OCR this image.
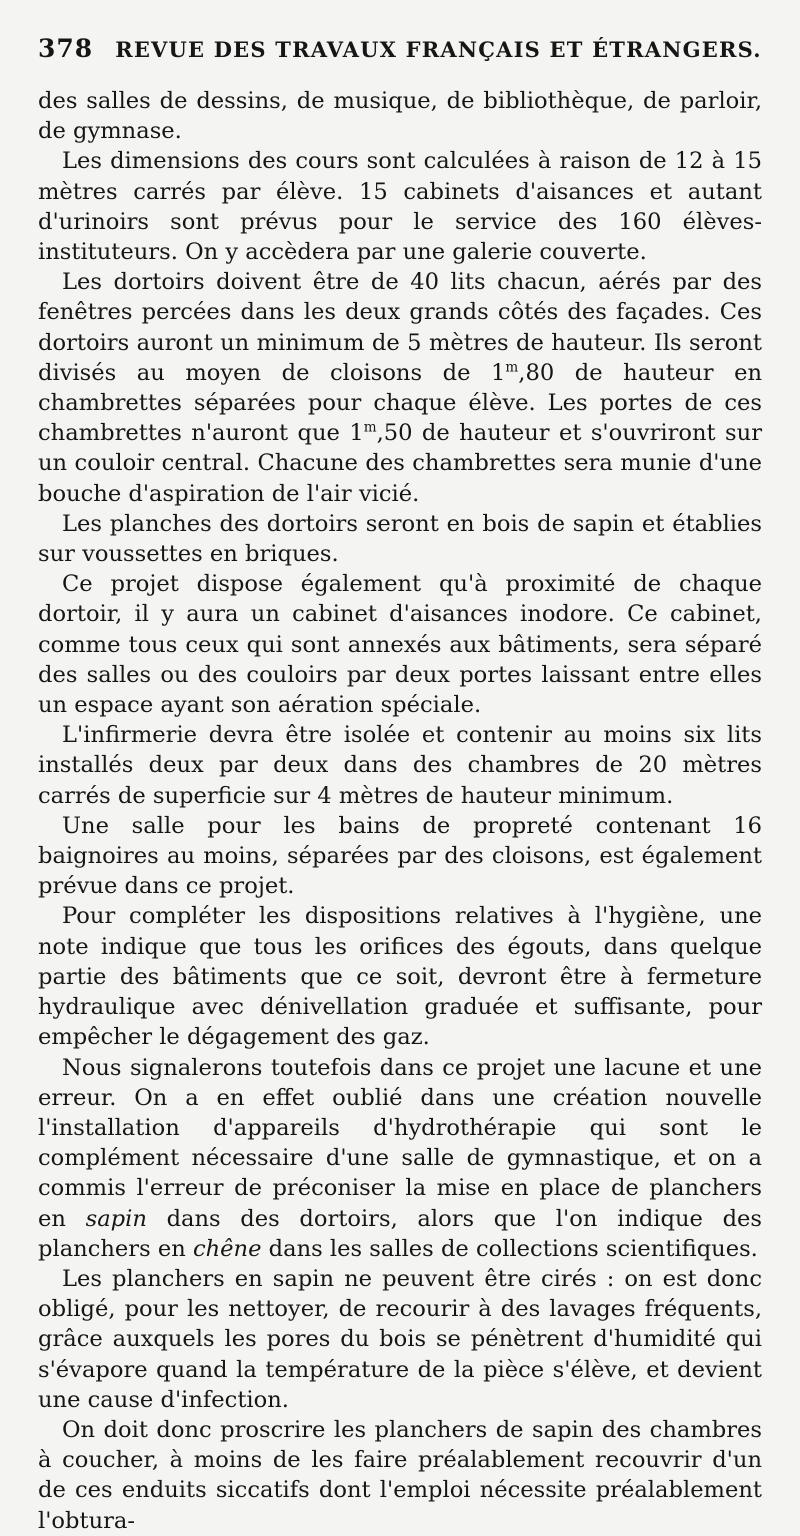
378 REVUE DES TRAVAUX FRANÇAIS ET ÉTRANGERS.

des salles de dessins, de musique, de bibliothèque, de parloir, de gymnase.

Les dimensions des cours sont calculées à raison de 12 à 15 mètres carrés par élève. 15 cabinets d'aisances et autant d'urinoirs sont prévus pour le service des 160 élèves-instituteurs. On y accèdera par une galerie couverte.

Les dortoirs doivent être de 40 lits chacun, aérés par des fenêtres percées dans les deux grands côtés des façades. Ces dortoirs auront un minimum de 5 mètres de hauteur. Ils seront divisés au moyen de cloisons de 1$^m$,80 de hauteur en chambrettes séparées pour chaque élève. Les portes de ces chambrettes n'auront que 1$^m$,50 de hauteur et s'ouvriront sur un couloir central. Chacune des chambrettes sera munie d'une bouche d'aspiration de l'air vicié.

Les planches des dortoirs seront en bois de sapin et établies sur voussettes en briques.

Ce projet dispose également qu'à proximité de chaque dortoir, il y aura un cabinet d'aisances inodore. Ce cabinet, comme tous ceux qui sont annexés aux bâtiments, sera séparé des salles ou des couloirs par deux portes laissant entre elles un espace ayant son aération spéciale.

L'infirmerie devra être isolée et contenir au moins six lits installés deux par deux dans des chambres de 20 mètres carrés de superficie sur 4 mètres de hauteur minimum.

Une salle pour les bains de propreté contenant 16 baignoires au moins, séparées par des cloisons, est également prévue dans ce projet.

Pour compléter les dispositions relatives à l'hygiène, une note indique que tous les orifices des égouts, dans quelque partie des bâtiments que ce soit, devront être à fermeture hydraulique avec dénivellation graduée et suffisante, pour empêcher le dégagement des gaz.

Nous signalerons toutefois dans ce projet une lacune et une erreur. On a en effet oublié dans une création nouvelle l'installation d'appareils d'hydrothérapie qui sont le complément nécessaire d'une salle de gymnastique, et on a commis l'erreur de préconiser la mise en place de planchers en sapin dans des dortoirs, alors que l'on indique des planchers en chêne dans les salles de collections scientifiques.

Les planchers en sapin ne peuvent être cirés : on est donc obligé, pour les nettoyer, de recourir à des lavages fréquents, grâce auxquels les pores du bois se pénètrent d'humidité qui s'évapore quand la température de la pièce s'élève, et devient une cause d'infection.

On doit donc proscrire les planchers de sapin des chambres à coucher, à moins de les faire préalablement recouvrir d'un de ces enduits siccatifs dont l'emploi nécessite préalablement l'obtura-
